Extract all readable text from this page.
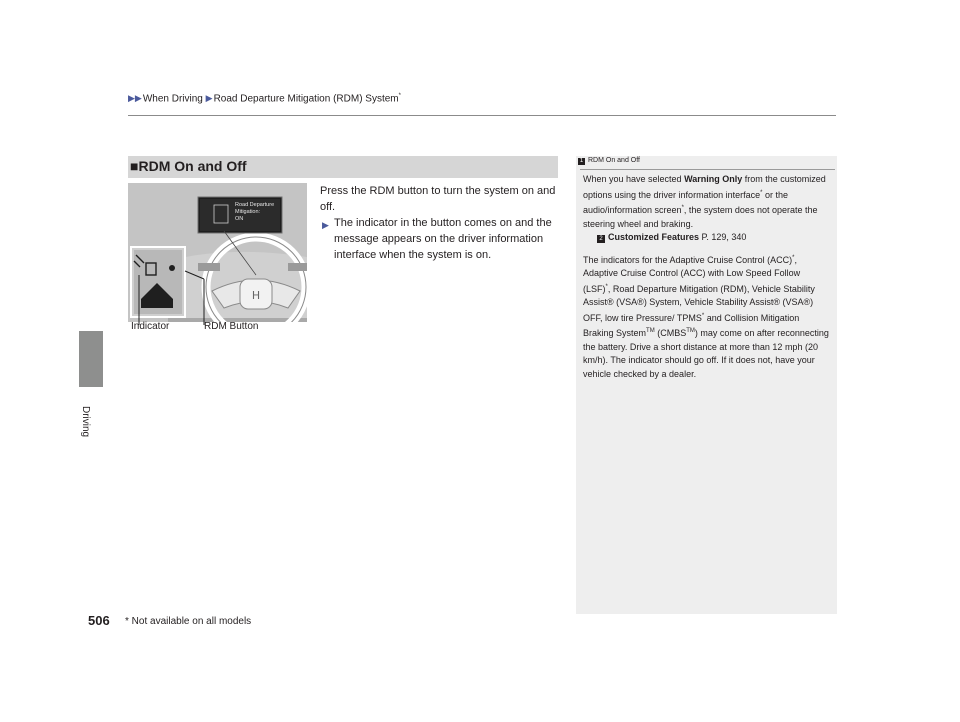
▶▶When Driving ▶Road Departure Mitigation (RDM) System*
Driving
■RDM On and Off
H
Road Departure
Mitigation:
ON
Indicator	RDM Button

Press the RDM button to turn the system on and off.

▶ The indicator in the button comes on and the message appears on the driver information interface when the system is on.
1 RDM On and Off

When you have selected Warning Only from the customized options using the driver information interface* or the audio/information screen*, the system does not operate the steering wheel and braking.

2 Customized Features P. 129, 340

The indicators for the Adaptive Cruise Control (ACC)*, Adaptive Cruise Control (ACC) with Low Speed Follow (LSF)*, Road Departure Mitigation (RDM), Vehicle Stability Assist® (VSA®) System, Vehicle Stability Assist® (VSA®) OFF, low tire Pressure/ TPMS* and Collision Mitigation Braking System™ (CMBS™) may come on after reconnecting the battery. Drive a short distance at more than 12 mph (20 km/h). The indicator should go off. If it does not, have your vehicle checked by a dealer.

506 * Not available on all models
